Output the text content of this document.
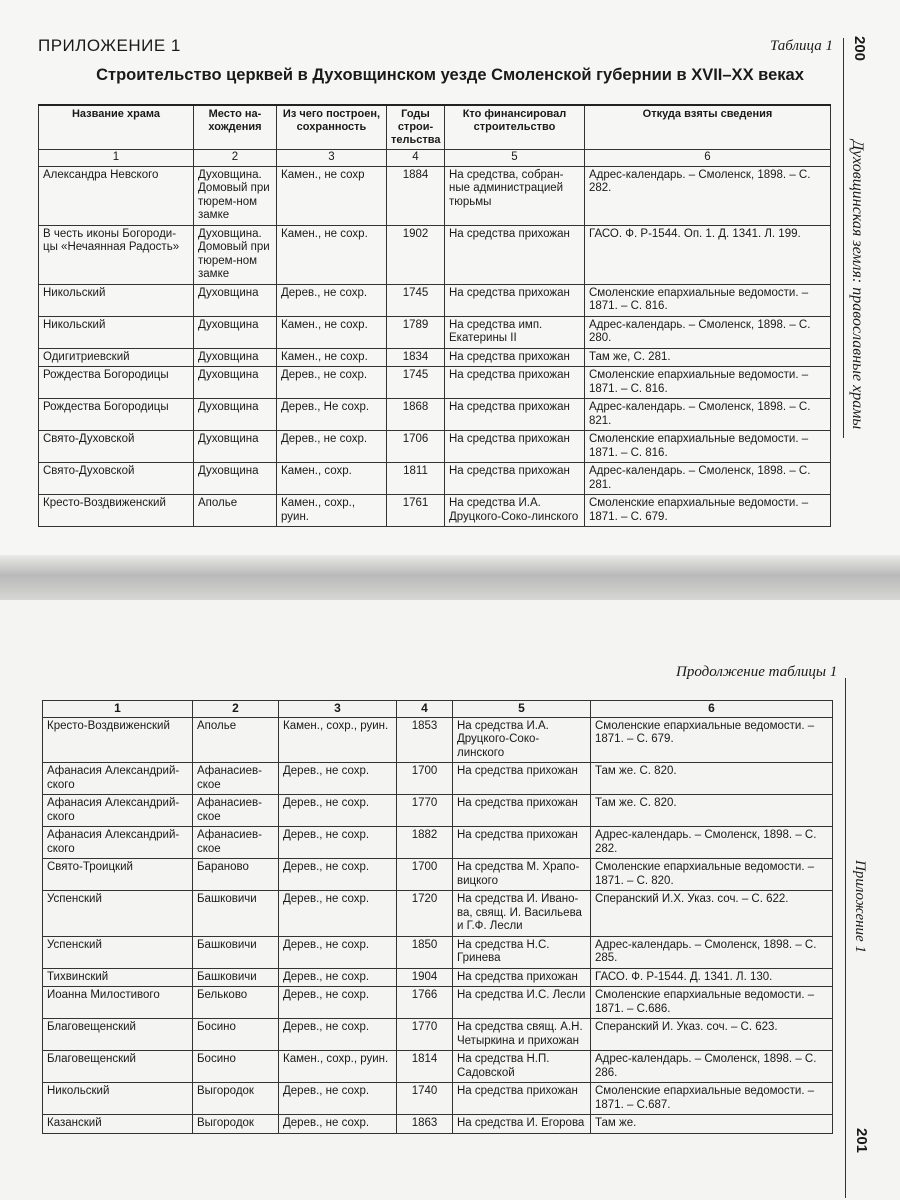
ПРИЛОЖЕНИЕ 1	Таблица 1
Строительство церквей в Духовщинском уезде Смоленской губернии в XVII–XX веках
200
Духовщинская земля: православные храмы
Название храма	Место на-хождения	Из чего построен, сохранность	Годы строи-тельства	Кто финансировал строительство	Откуда взяты сведения
1	2	3	4	5	6
Александра Невского	Духовщина. Домовый при тюрем-ном замке	Камен., не сохр	1884	На средства, собран-ные администрацией тюрьмы	Адрес-календарь. – Смоленск, 1898. – С. 282.
В честь иконы Богороди-цы «Нечаянная Радость»	Духовщина. Домовый при тюрем-ном замке	Камен., не сохр.	1902	На средства прихожан	ГАСО. Ф. Р-1544. Оп. 1. Д. 1341. Л. 199.
Никольский	Духовщина	Дерев., не сохр.	1745	На средства прихожан	Смоленские епархиальные ведомости. – 1871. – С. 816.
Никольский	Духовщина	Камен., не сохр.	1789	На средства имп. Екатерины II	Адрес-календарь. – Смоленск, 1898. – С. 280.
Одигитриевский	Духовщина	Камен., не сохр.	1834	На средства прихожан	Там же, С. 281.
Рождества Богородицы	Духовщина	Дерев., не сохр.	1745	На средства прихожан	Смоленские епархиальные ведомости. – 1871. – С. 816.
Рождества Богородицы	Духовщина	Дерев., Не сохр.	1868	На средства прихожан	Адрес-календарь. – Смоленск, 1898. – С. 821.
Свято-Духовской	Духовщина	Дерев., не сохр.	1706	На средства прихожан	Смоленские епархиальные ведомости. – 1871. – С. 816.
Свято-Духовской	Духовщина	Камен., сохр.	1811	На средства прихожан	Адрес-календарь. – Смоленск, 1898. – С. 281.
Кресто-Воздвиженский	Аполье	Камен., сохр., руин.	1761	На средства И.А. Друцкого-Соко-линского	Смоленские епархиальные ведомости. – 1871. – С. 679.
Продолжение таблицы 1
Приложение 1
201
1	2	3	4	5	6
Кресто-Воздвиженский	Аполье	Камен., сохр., руин.	1853	На средства И.А. Друцкого-Соко-линского	Смоленские епархиальные ведомости. – 1871. – С. 679.
Афанасия Александрий-ского	Афанасиев-ское	Дерев., не сохр.	1700	На средства прихожан	Там же. С. 820.
Афанасия Александрий-ского	Афанасиев-ское	Дерев., не сохр.	1770	На средства прихожан	Там же. С. 820.
Афанасия Александрий-ского	Афанасиев-ское	Дерев., не сохр.	1882	На средства прихожан	Адрес-календарь. – Смоленск, 1898. – С. 282.
Свято-Троицкий	Бараново	Дерев., не сохр.	1700	На средства М. Храпо-вицкого	Смоленские епархиальные ведомости. – 1871. – С. 820.
Успенский	Башковичи	Дерев., не сохр.	1720	На средства И. Ивано-ва, свящ. И. Васильева и Г.Ф. Лесли	Сперанский И.Х. Указ. соч. – С. 622.
Успенский	Башковичи	Дерев., не сохр.	1850	На средства Н.С. Гринева	Адрес-календарь. – Смоленск, 1898. – С. 285.
Тихвинский	Башковичи	Дерев., не сохр.	1904	На средства прихожан	ГАСО. Ф. Р-1544. Д. 1341. Л. 130.
Иоанна Милостивого	Бельково	Дерев., не сохр.	1766	На средства И.С. Лесли	Смоленские епархиальные ведомости. – 1871. – С.686.
Благовещенский	Босино	Дерев., не сохр.	1770	На средства свящ. А.Н. Четыркина и прихожан	Сперанский И. Указ. соч. – С. 623.
Благовещенский	Босино	Камен., сохр., руин.	1814	На средства Н.П. Садовской	Адрес-календарь. – Смоленск, 1898. – С. 286.
Никольский	Выгородок	Дерев., не сохр.	1740	На средства прихожан	Смоленские епархиальные ведомости. – 1871. – С.687.
Казанский	Выгородок	Дерев., не сохр.	1863	На средства И. Егорова	Там же.
